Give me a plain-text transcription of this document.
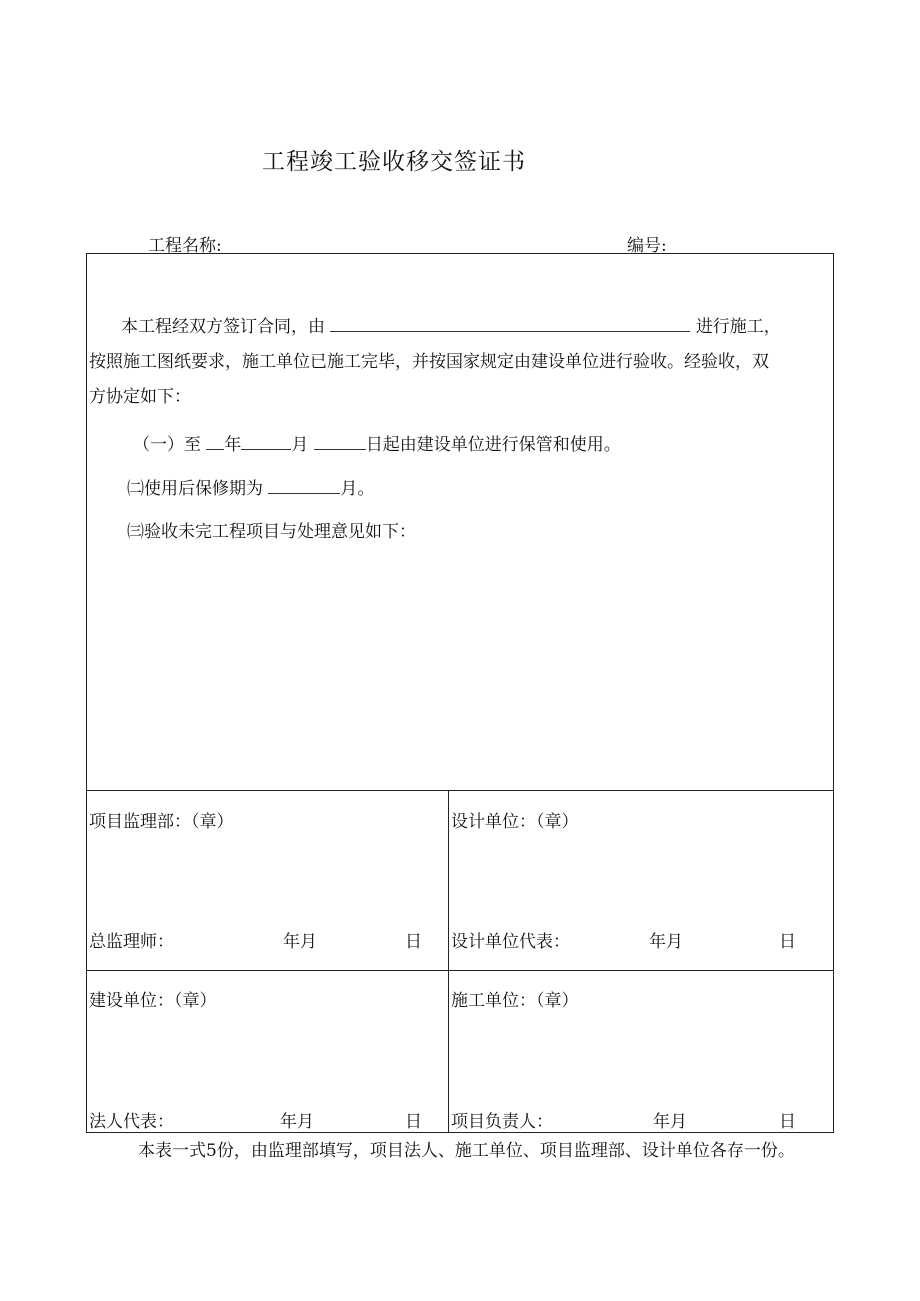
工程竣工验收移交签证书
工程名称:	编号:
本工程经双方签订合同，由	进行施工，
按照施工图纸要求，施工单位已施工完毕，并按国家规定由建设单位进行验收。经验收，双
方协定如下：
（一）至 年	月	日起由建设单位进行保管和使用。
㈡使用后保修期为	月。
㈢验收未完工程项目与处理意见如下：
项目监理部：（章）
总监理师：	年月	日
设计单位：（章）
设计单位代表：	年月	日
建设单位：（章）
法人代表：	年月	日
施工单位：（章）
项目负责人：	年月	日
本表一式5份，由监理部填写，项目法人、施工单位、项目监理部、设计单位各存一份。
